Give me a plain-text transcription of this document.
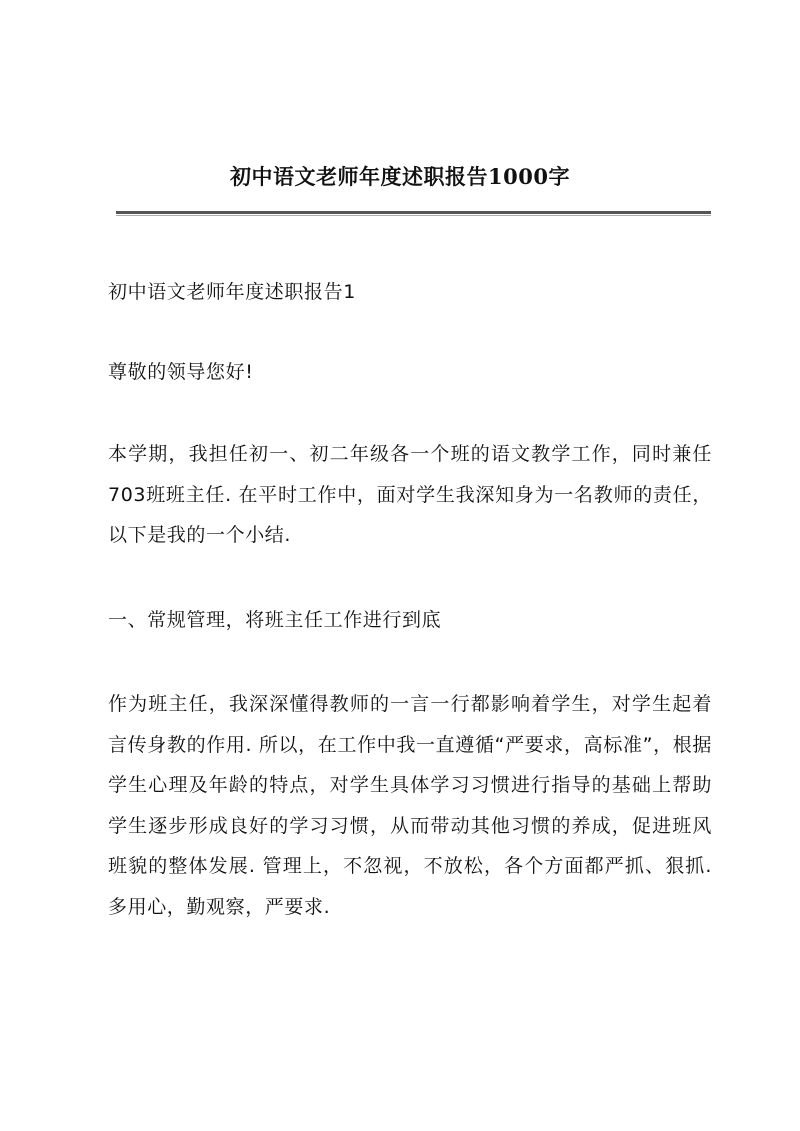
初中语文老师年度述职报告1000字

初中语文老师年度述职报告1

尊敬的领导您好!

本学期，我担任初一、初二年级各一个班的语文教学工作，同时兼任703班班主任. 在平时工作中，面对学生我深知身为一名教师的责任，以下是我的一个小结.

一、常规管理，将班主任工作进行到底

作为班主任，我深深懂得教师的一言一行都影响着学生，对学生起着言传身教的作用. 所以，在工作中我一直遵循“严要求，高标准”，根据学生心理及年龄的特点，对学生具体学习习惯进行指导的基础上帮助学生逐步形成良好的学习习惯，从而带动其他习惯的养成，促进班风班貌的整体发展. 管理上，不忽视，不放松，各个方面都严抓、狠抓. 多用心，勤观察，严要求.
